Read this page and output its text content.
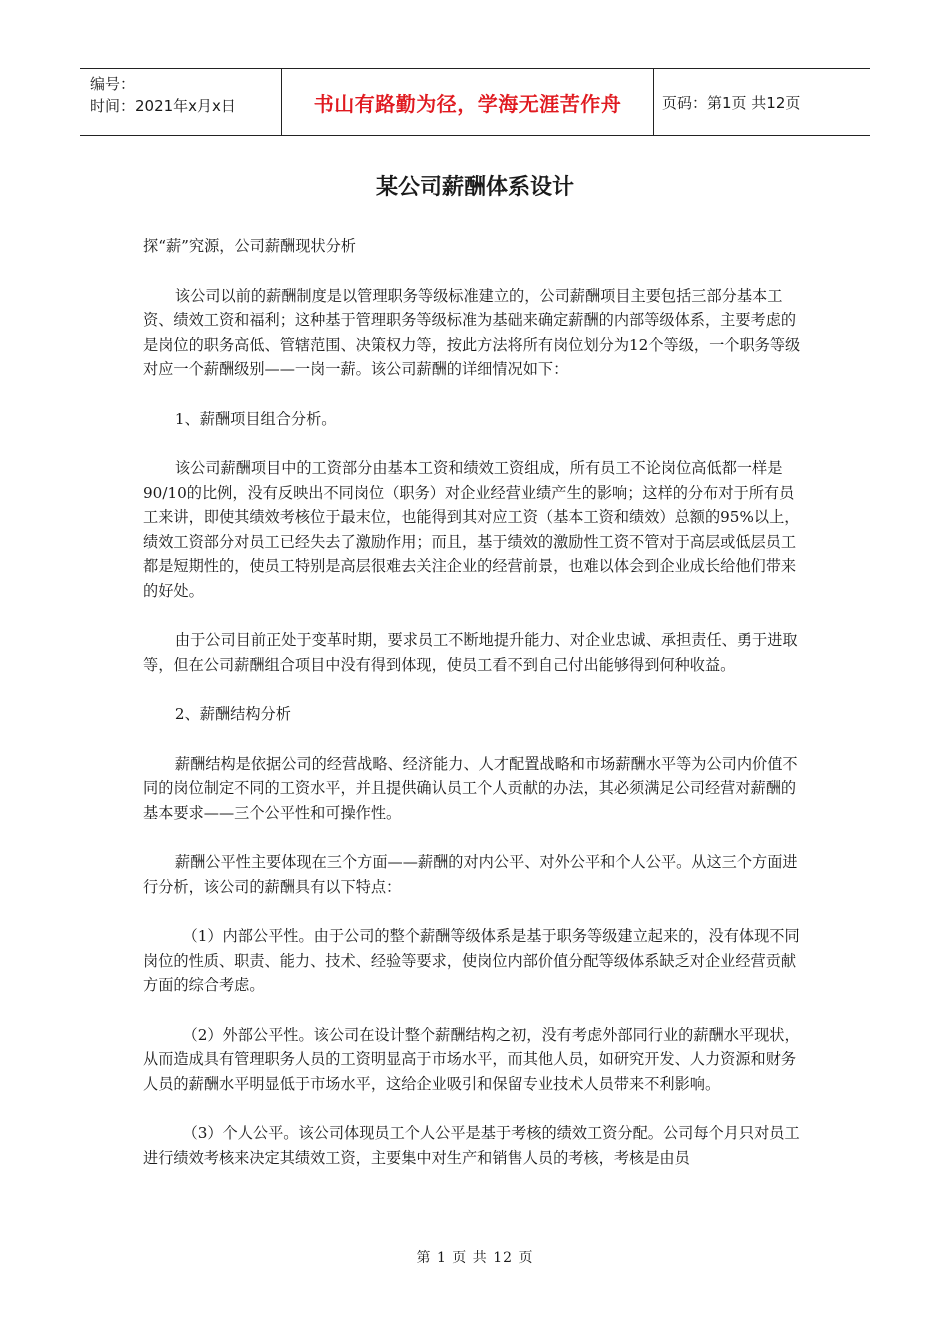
编号：
时间：2021年x月x日	书山有路勤为径，学海无涯苦作舟	页码：第1页 共12页
某公司薪酬体系设计

探“薪”究源，公司薪酬现状分析

该公司以前的薪酬制度是以管理职务等级标准建立的，公司薪酬项目主要包括三部分基本工资、绩效工资和福利；这种基于管理职务等级标准为基础来确定薪酬的内部等级体系，主要考虑的是岗位的职务高低、管辖范围、决策权力等，按此方法将所有岗位划分为12个等级，一个职务等级对应一个薪酬级别——一岗一薪。该公司薪酬的详细情况如下：

1、薪酬项目组合分析。

该公司薪酬项目中的工资部分由基本工资和绩效工资组成，所有员工不论岗位高低都一样是90/10的比例，没有反映出不同岗位（职务）对企业经营业绩产生的影响；这样的分布对于所有员工来讲，即使其绩效考核位于最末位，也能得到其对应工资（基本工资和绩效）总额的95%以上，绩效工资部分对员工已经失去了激励作用；而且，基于绩效的激励性工资不管对于高层或低层员工都是短期性的，使员工特别是高层很难去关注企业的经营前景，也难以体会到企业成长给他们带来的好处。

由于公司目前正处于变革时期，要求员工不断地提升能力、对企业忠诚、承担责任、勇于进取等，但在公司薪酬组合项目中没有得到体现，使员工看不到自己付出能够得到何种收益。

2、薪酬结构分析

薪酬结构是依据公司的经营战略、经济能力、人才配置战略和市场薪酬水平等为公司内价值不同的岗位制定不同的工资水平，并且提供确认员工个人贡献的办法，其必须满足公司经营对薪酬的基本要求——三个公平性和可操作性。

薪酬公平性主要体现在三个方面——薪酬的对内公平、对外公平和个人公平。从这三个方面进行分析，该公司的薪酬具有以下特点：

（1）内部公平性。由于公司的整个薪酬等级体系是基于职务等级建立起来的，没有体现不同岗位的性质、职责、能力、技术、经验等要求，使岗位内部价值分配等级体系缺乏对企业经营贡献方面的综合考虑。

（2）外部公平性。该公司在设计整个薪酬结构之初，没有考虑外部同行业的薪酬水平现状，从而造成具有管理职务人员的工资明显高于市场水平，而其他人员，如研究开发、人力资源和财务人员的薪酬水平明显低于市场水平，这给企业吸引和保留专业技术人员带来不利影响。

（3）个人公平。该公司体现员工个人公平是基于考核的绩效工资分配。公司每个月只对员工进行绩效考核来决定其绩效工资，主要集中对生产和销售人员的考核，考核是由员

第 1 页 共 12 页
